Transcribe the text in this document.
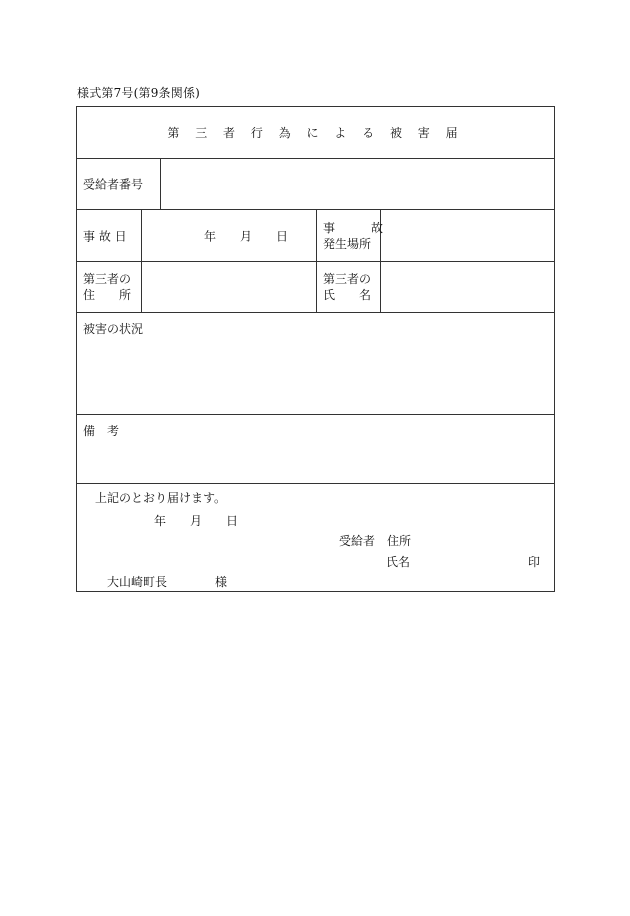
様式第7号(第9条関係)
第 三 者 行 為 に よ る 被 害 届
受給者番号
事 故 日	年　　月　　日
事　　　故
発生場所
第三者の
住　　所
第三者の
氏　　名
被害の状況
備　考
上記のとおり届けます。
年　　月　　日
受給者　住所
氏名	印
大山崎町長　　　　様
